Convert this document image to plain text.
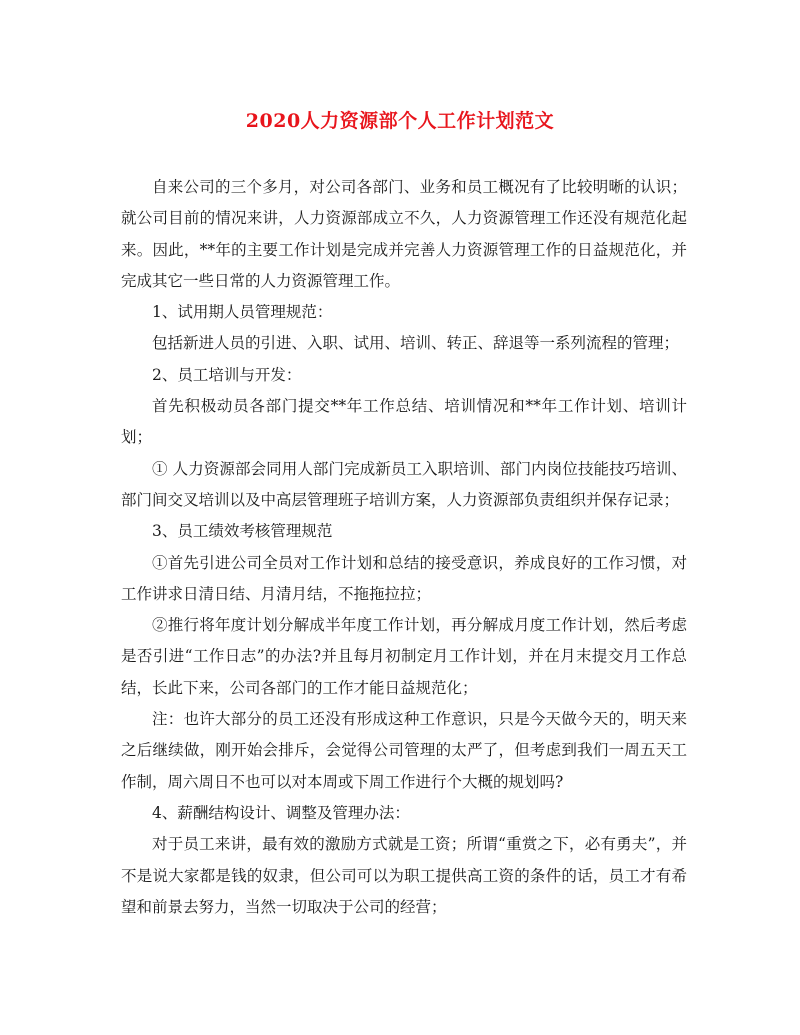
2020人力资源部个人工作计划范文

自来公司的三个多月，对公司各部门、业务和员工概况有了比较明晰的认识；就公司目前的情况来讲，人力资源部成立不久，人力资源管理工作还没有规范化起来。因此，**年的主要工作计划是完成并完善人力资源管理工作的日益规范化，并完成其它一些日常的人力资源管理工作。

1、试用期人员管理规范：

包括新进人员的引进、入职、试用、培训、转正、辞退等一系列流程的管理；

2、员工培训与开发：

首先积极动员各部门提交**年工作总结、培训情况和**年工作计划、培训计划；

① 人力资源部会同用人部门完成新员工入职培训、部门内岗位技能技巧培训、部门间交叉培训以及中高层管理班子培训方案，人力资源部负责组织并保存记录；

3、员工绩效考核管理规范

①首先引进公司全员对工作计划和总结的接受意识，养成良好的工作习惯，对工作讲求日清日结、月清月结，不拖拖拉拉；

②推行将年度计划分解成半年度工作计划，再分解成月度工作计划，然后考虑是否引进“工作日志”的办法?并且每月初制定月工作计划，并在月末提交月工作总结，长此下来，公司各部门的工作才能日益规范化；

注：也许大部分的员工还没有形成这种工作意识，只是今天做今天的，明天来之后继续做，刚开始会排斥，会觉得公司管理的太严了，但考虑到我们一周五天工作制，周六周日不也可以对本周或下周工作进行个大概的规划吗?

4、薪酬结构设计、调整及管理办法：

对于员工来讲，最有效的激励方式就是工资；所谓“重赏之下，必有勇夫”，并不是说大家都是钱的奴隶，但公司可以为职工提供高工资的条件的话，员工才有希望和前景去努力，当然一切取决于公司的经营；
